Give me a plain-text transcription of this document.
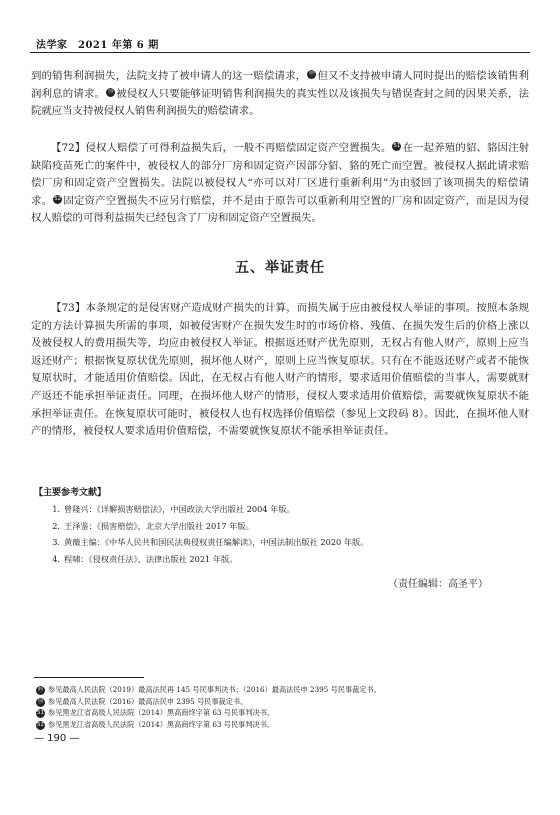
法学家　2021 年第 6 期

到的销售利润损失，法院支持了被申请人的这一赔偿请求， ㊾ 但又不支持被申请人同时提出的赔偿该销售利润利息的请求。 ㊿ 被侵权人只要能够证明销售利润损失的真实性以及该损失与错误查封之间的因果关系，法院就应当支持被侵权人销售利润损失的赔偿请求。

【72】侵权人赔偿了可得利益损失后，一般不再赔偿固定资产空置损失。 51 在一起养殖的貂、貉因注射缺陷疫苗死亡的案件中，被侵权人的部分厂房和固定资产因部分貂、貉的死亡而空置。被侵权人据此请求赔偿厂房和固定资产空置损失。法院以被侵权人“亦可以对厂区进行重新利用”为由驳回了该项损失的赔偿请求。 52 固定资产空置损失不应另行赔偿，并不是由于原告可以重新利用空置的厂房和固定资产，而是因为侵权人赔偿的可得利益损失已经包含了厂房和固定资产空置损失。

五、举证责任

【73】本条规定的是侵害财产造成财产损失的计算，而损失属于应由被侵权人举证的事项。按照本条规定的方法计算损失所需的事项，如被侵害财产在损失发生时的市场价格、残值、在损失发生后的价格上涨以及被侵权人的费用损失等，均应由被侵权人举证。根据返还财产优先原则，无权占有他人财产，原则上应当返还财产；根据恢复原状优先原则，损坏他人财产，原则上应当恢复原状。只有在不能返还财产或者不能恢复原状时，才能适用价值赔偿。因此，在无权占有他人财产的情形，要求适用价值赔偿的当事人，需要就财产返还不能承担举证责任。同理，在损坏他人财产的情形，侵权人要求适用价值赔偿，需要就恢复原状不能承担举证责任。在恢复原状可能时，被侵权人也有权选择价值赔偿（参见上文段码 8）。因此，在损坏他人财产的情形，被侵权人要求适用价值赔偿，不需要就恢复原状不能承担举证责任。

【主要参考文献】
1. 曾隆兴：《详解损害赔偿法》，中国政法大学出版社 2004 年版。
2. 王泽鉴：《损害赔偿》，北京大学出版社 2017 年版。
3. 黄薇主编：《中华人民共和国民法典侵权责任编解读》，中国法制出版社 2020 年版。
4. 程啸：《侵权责任法》，法律出版社 2021 年版。
（责任编辑：高圣平）
㊾ 参见最高人民法院（2019）最高法民再 145 号民事判决书；（2016）最高法民申 2395 号民事裁定书。
㊿ 参见最高人民法院（2016）最高法民申 2395 号民事裁定书。
51 参见黑龙江省高级人民法院（2014）黑高商终字第 63 号民事判决书。
52 参见黑龙江省高级人民法院（2014）黑高商终字第 63 号民事判决书。
— 190 —
